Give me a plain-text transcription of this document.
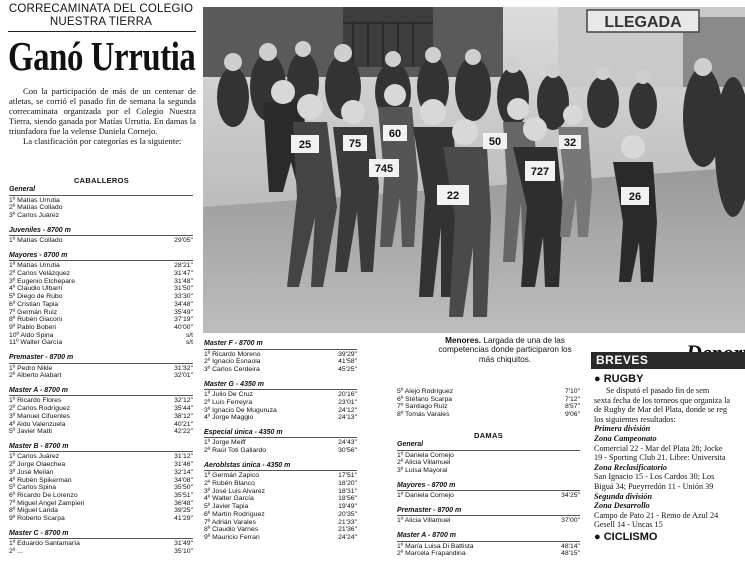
CORRECAMINATA DEL COLEGIO NUESTRA TIERRA
Ganó Urrutia

Con la participación de más de un centenar de atletas, se corrió el pasado fin de semana la segunda correcaminata organizada por el Colegio Nuestra Tierra, siendo ganada por Matías Urrutia. En damas la triunfadora fue la velense Daniela Cornejo.

La clasificación por categorías es la siguiente:

CABALLEROS
General
1º Matías Urrutia
2º Matías Collado
3º Carlos Juárez
Juveniles - 8700 m
1º Matías Collado	29'05"
Mayores - 8700 m
1º Matías Urrutia	28'21"
2º Carlos Velázquez	31'47"
3º Eugenio Etchepare	31'48"
4º Claudio Ulbarri	31'50"
5º Diego de Rubo	33'30"
6º Cristian Tapia	34'48"
7º Germán Ruiz	35'49"
8º Rubén Giaconi	37'19"
9º Pablo Boberi	40'00"
10º Aldo Spina	s/t
11º Walter García	s/t
Premaster - 8700 m
1º Pedro Nikle	31'32"
2º Alberto Alabart	32'01"
Master A - 8700 m
1º Ricardo Flores	32'12"
2º Carlos Rodríguez	35'44"
3º Manuel Cifuentes	38'12"
4º Aldo Valenzuela	40'21"
5º Javier Matti	42'22"
Master B - 8700 m
1º Carlos Juárez	31'12"
2º Jorge Olaechea	31'46"
3º José Meilán	32'14"
4º Rubén Spikerman	34'08"
5º Carlos Spina	35'50"
6º Ricardo De Lorenzo	35'51"
7º Miguel Angel Zampieri	36'48"
8º Miguel Landa	39'25"
9º Roberto Scarpa	41'29"
Master C - 8700 m
1º Eduardo Santamaría	31'49"
2º ...	35'10"
LLEGADA
25	75
60
745
22
727
26
50	32
Master F - 8700 m
1º Ricardo Moreno	39'29"
2º Ignacio Esnaola	41'58"
3º Carlos Cerdeira	45'25"
Master G - 4350 m
1º Julio De Cruz	20'16"
2º Luis Ferreyra	23'01"
3º Ignacio De Muguruza	24'12"
4º Jorge Maggio	24'13"
Especial única - 4350 m
1º Jorge Meiff	24'43"
2º Raúl Toti Gallardo	30'56"
Aeroblstas única - 4350 m
1º Germán Zapico	17'51"
2º Rubén Blanco	18'20"
3º José Luis Alvarez	18'31"
4º Walter García	18'56"
5º Javier Tapia	19'49"
6º Martín Rodríguez	20'35"
7º Adrián Varales	21'33"
8º Claudio Varnes	21'36"
9º Mauricio Ferrari	24'24"
5º Alejo Rodríguez	7'10"
6º Stéfano Scarpa	7'12"
7º Santiago Ruiz	8'57"
8º Tomás Varales	9'06"
DAMAS
General
1º Daniela Cornejo
2º Alicia Villamuel
3º Luisa Mayoral
Mayores - 8700 m
1º Daniela Cornejo	34'25"
Premaster - 8700 m
1º Alicia Villamuel	37'00"
Master A - 8700 m
1º María Luisa Di Battista	48'14"
2º Marcela Frapandina	48'15"
Menores. Largada de una de las competencias donde participaron los más chiquitos.	BREVES
● RUGBY
Se disputó el pasado fin de sem
sexta fecha de los torneos que organiza la
de Rugby de Mar del Plata, donde se reg
los siguientes resultados:
Primera división
Zona Campeonato
Comercial 22 - Mar del Plata 28; Jocke
19 - Sporting Club 21. Libre: Universita
Zona Reclasificatorio
San Ignacio 15 - Los Cardos 30; Los
Biguá 34; Pueyrredón 11 - Unión 39
Segunda división
Zona Desarrollo
Campo de Pato 21 - Remo de Azul 24
Gesell 14 - Uncas 15
● CICLISMO
